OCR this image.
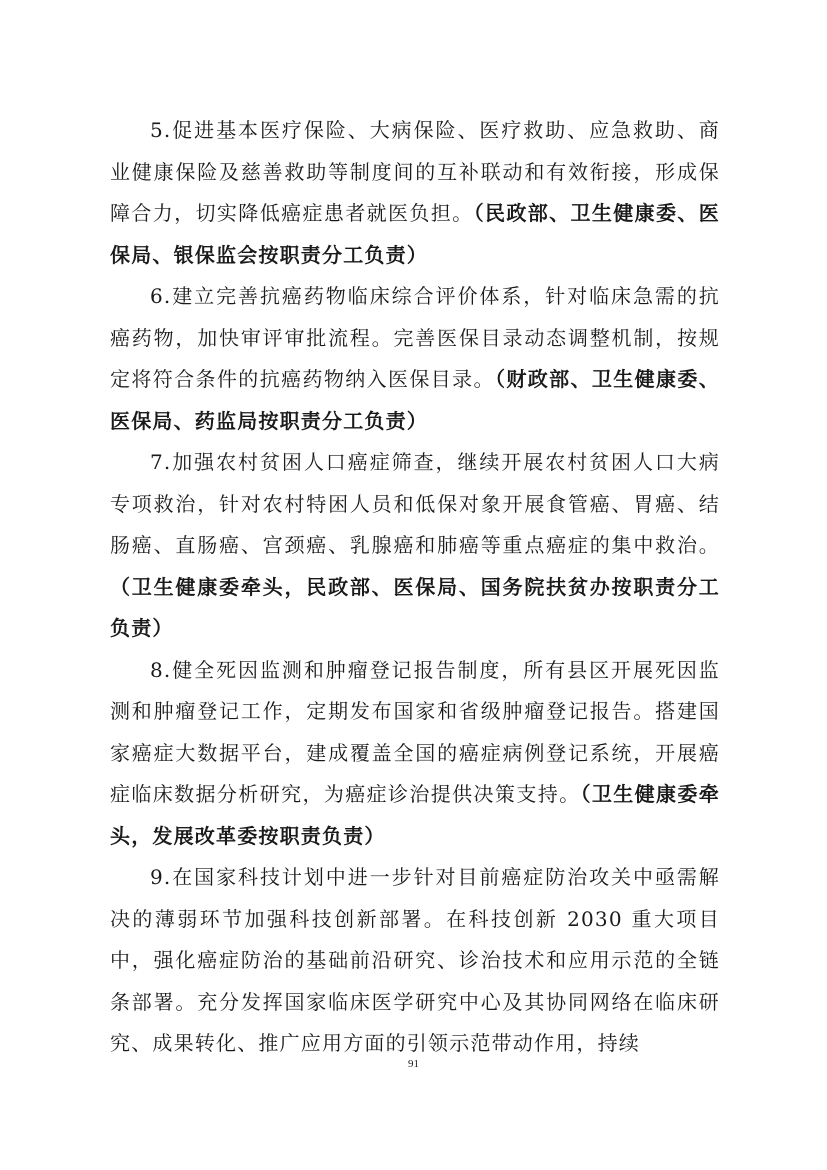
5.促进基本医疗保险、大病保险、医疗救助、应急救助、商业健康保险及慈善救助等制度间的互补联动和有效衔接，形成保障合力，切实降低癌症患者就医负担。（民政部、卫生健康委、医保局、银保监会按职责分工负责）

6.建立完善抗癌药物临床综合评价体系，针对临床急需的抗癌药物，加快审评审批流程。完善医保目录动态调整机制，按规定将符合条件的抗癌药物纳入医保目录。（财政部、卫生健康委、医保局、药监局按职责分工负责）

7.加强农村贫困人口癌症筛查，继续开展农村贫困人口大病专项救治，针对农村特困人员和低保对象开展食管癌、胃癌、结肠癌、直肠癌、宫颈癌、乳腺癌和肺癌等重点癌症的集中救治。（卫生健康委牵头，民政部、医保局、国务院扶贫办按职责分工负责）

8.健全死因监测和肿瘤登记报告制度，所有县区开展死因监测和肿瘤登记工作，定期发布国家和省级肿瘤登记报告。搭建国家癌症大数据平台，建成覆盖全国的癌症病例登记系统，开展癌症临床数据分析研究，为癌症诊治提供决策支持。（卫生健康委牵头，发展改革委按职责负责）

9.在国家科技计划中进一步针对目前癌症防治攻关中亟需解决的薄弱环节加强科技创新部署。在科技创新 2030 重大项目中，强化癌症防治的基础前沿研究、诊治技术和应用示范的全链条部署。充分发挥国家临床医学研究中心及其协同网络在临床研究、成果转化、推广应用方面的引领示范带动作用，持续

91
